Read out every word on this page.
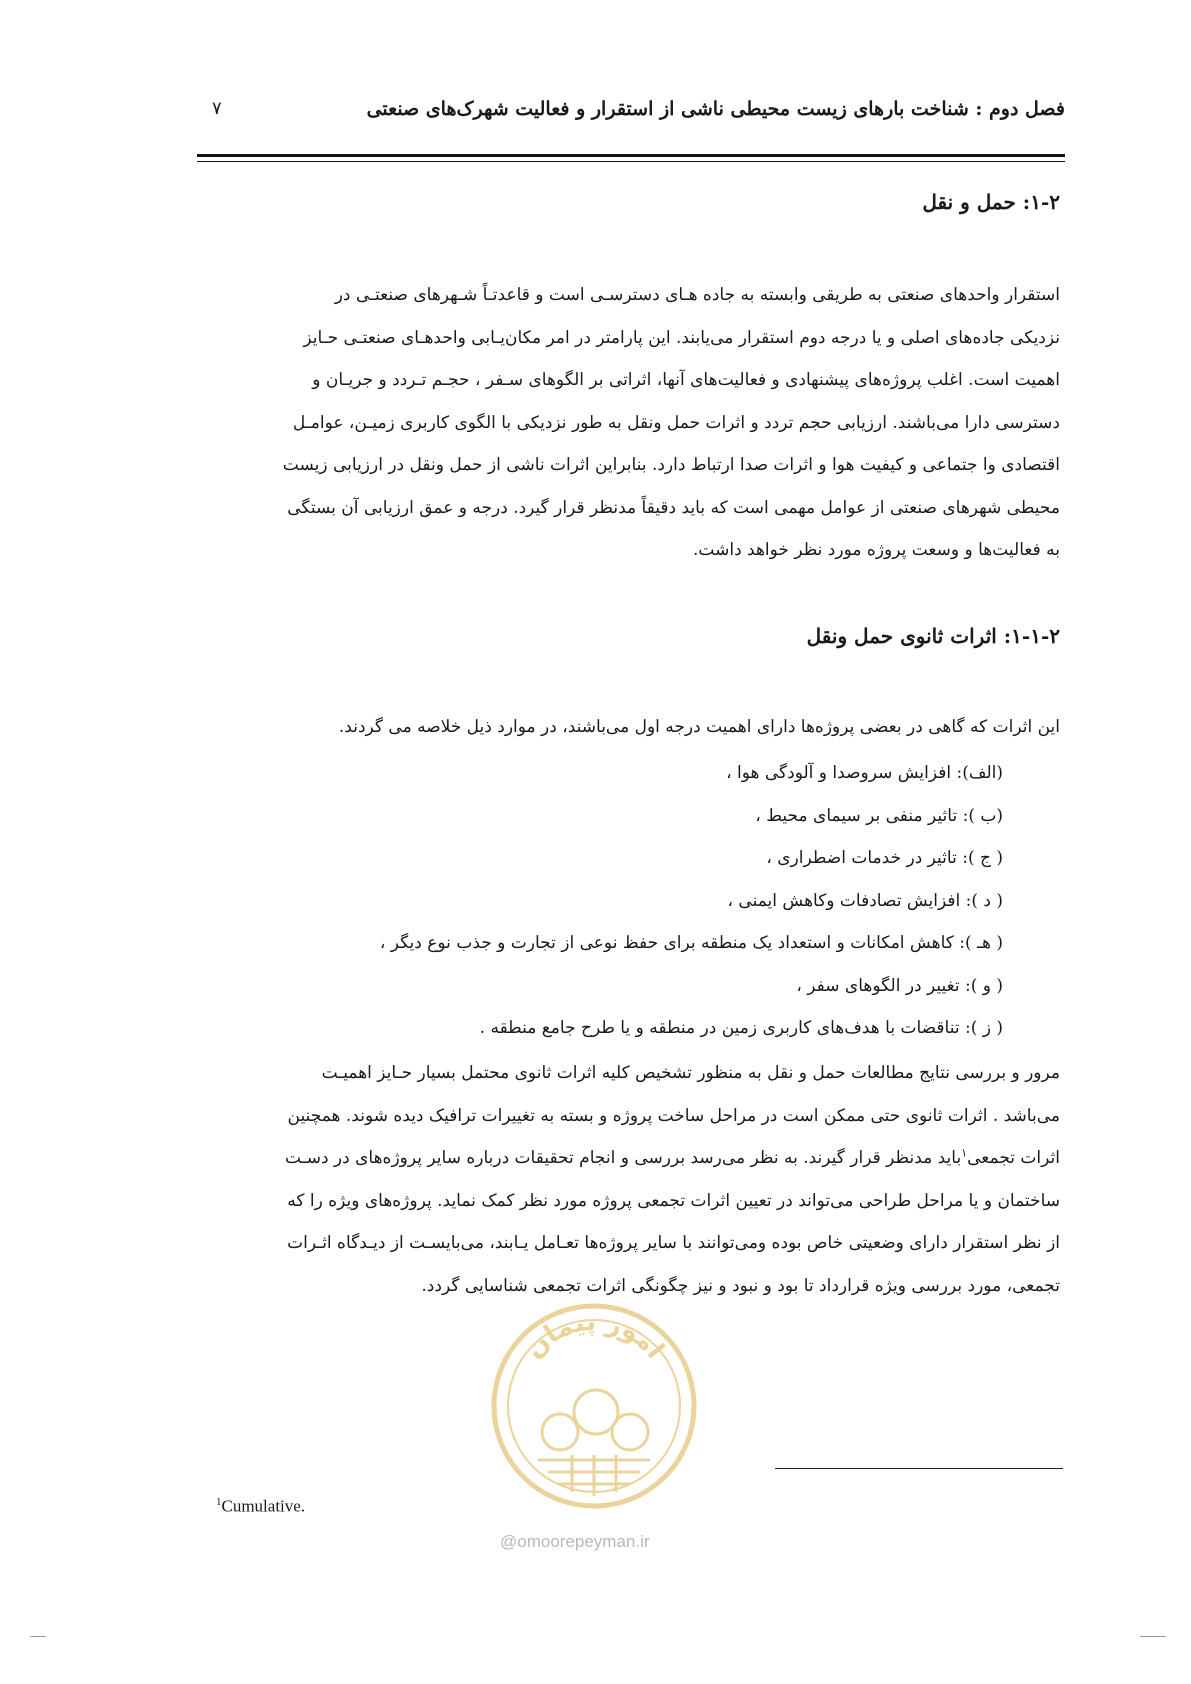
فصل دوم : شناخت بارهای زیست محیطی ناشی از استقرار و فعالیت شهرک‌های صنعتی
۷
۱-۲: حمل و نقل
استقرار واحدهای صنعتی به طریقی وابسته به جاده هـای دسترسـی است و قاعدتـاً شـهرهای صنعتـی در
نزدیکی جاده‌های اصلی و یا درجه دوم استقرار می‌یابند. این پارامتر در امر مکان‌یـابی واحدهـای صنعتـی حـایز
اهمیت است. اغلب پروژه‌های پیشنهادی و فعالیت‌های آنها، اثراتی بر الگوهای سـفر ، حجـم تـردد و جریـان و
دسترسی دارا می‌باشند. ارزیابی حجم تردد و اثرات حمل ونقل به طور نزدیکی با الگوی کاربری زمیـن، عوامـل
اقتصادی وا جتماعی و کیفیت هوا و اثرات صدا ارتباط دارد. بنابراین اثرات ناشی از حمل ونقل در ارزیابی زیست
محیطی شهرهای صنعتی از عوامل مهمی است که باید دقیقاً مدنظر قرار گیرد. درجه و عمق ارزیابی آن بستگی
به فعالیت‌ها و وسعت پروژه مورد نظر خواهد داشت.
۱-۱-۲: اثرات ثانوی حمل ونقل
این اثرات که گاهی در بعضی پروژه‌ها دارای اهمیت درجه اول می‌باشند، در موارد ذیل خلاصه می گردند.
(الف): افزایش سروصدا و آلودگی هوا ،
(ب ): تاثیر منفی بر سیمای محیط ،
( ج ): تاثیر در خدمات اضطراری ،
( د ): افزایش تصادفات وکاهش ایمنی ،
( هـ ): کاهش امکانات و استعداد یک منطقه برای حفظ نوعی از تجارت و جذب نوع دیگر ،
( و ): تغییر در الگوهای سفر ،
( ز ): تناقضات با هدف‌های کاربری زمین در منطقه و یا طرح جامع منطقه .
مرور و بررسی نتایج مطالعات حمل و نقل به منظور تشخیص کلیه اثرات ثانوی محتمل بسیار حـایز اهمیـت
می‌باشد . اثرات ثانوی حتی ممکن است در مراحل ساخت پروژه و بسته به تغییرات ترافیک دیده شوند. همچنین
اثرات تجمعی$^۱$باید مدنظر قرار گیرند. به نظر می‌رسد بررسی و انجام تحقیقات درباره سایر پروژه‌های در دسـت
ساختمان و یا مراحل طراحی می‌تواند در تعیین اثرات تجمعی پروژه مورد نظر کمک نماید. پروژه‌های ویژه را که
از نظر استقرار دارای وضعیتی خاص بوده ومی‌توانند با سایر پروژه‌ها تعـامل یـابند، می‌بایسـت از دیـدگاه اثـرات
تجمعی، مورد بررسی ویژه قرارداد تا بود و نبود و نیز چگونگی اثرات تجمعی شناسایی گردد.
امور پیمان
$^1$Cumulative.
@omoorepeyman.ir
